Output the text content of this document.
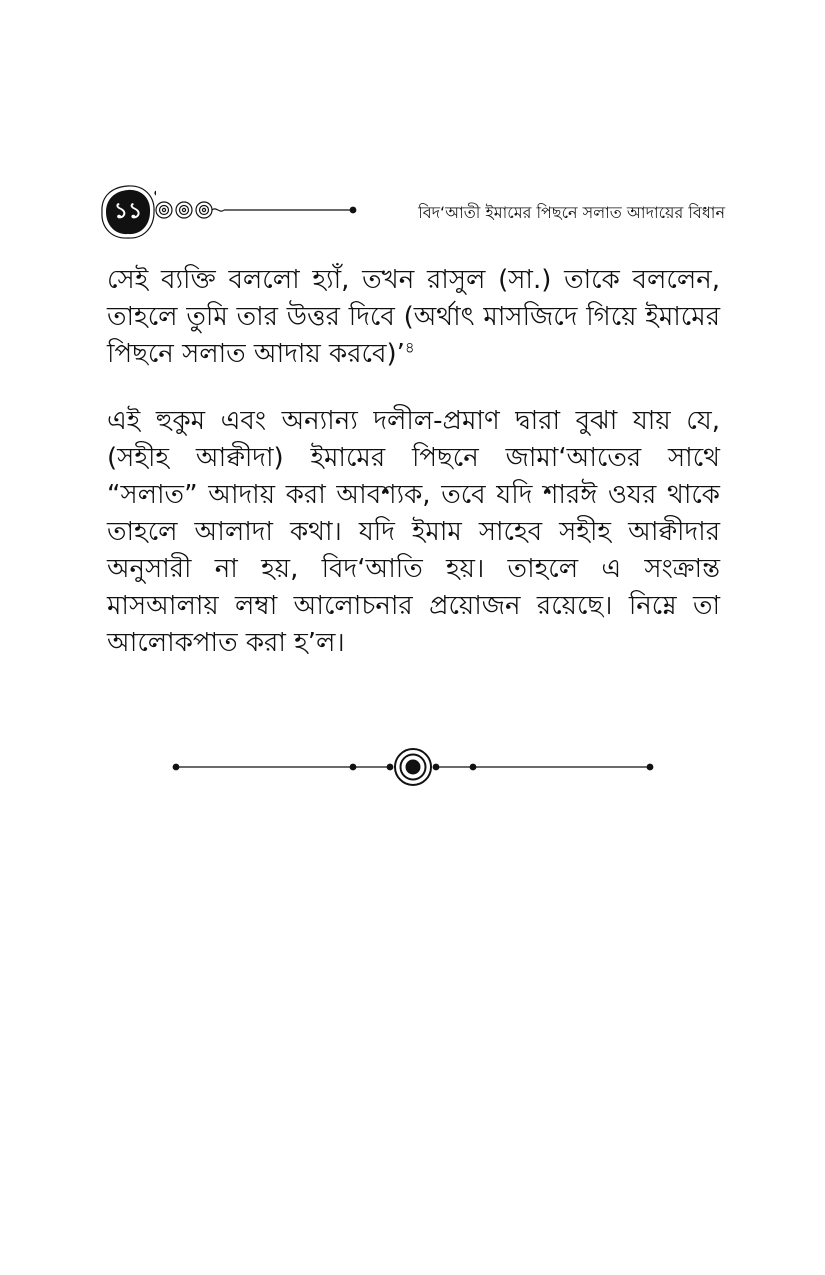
১১	বিদ‘আতী ইমামের পিছনে সলাত আদায়ের বিধান

সেই ব্যক্তি বললো হ্যাঁ, তখন রাসুল (সা.) তাকে বললেন, তাহলে তুমি তার উত্তর দিবে (অর্থাৎ মাসজিদে গিয়ে ইমামের পিছনে সলাত আদায় করবে)’$^৪$

এই হুকুম এবং অন্যান্য দলীল-প্রমাণ দ্বারা বুঝা যায় যে, (সহীহ আক্বীদা) ইমামের পিছনে জামা‘আতের সাথে “সলাত” আদায় করা আবশ্যক, তবে যদি শারঈ ওযর থাকে তাহলে আলাদা কথা। যদি ইমাম সাহেব সহীহ আক্বীদার অনুসারী না হয়, বিদ‘আতি হয়। তাহলে এ সংক্রান্ত মাসআলায় লম্বা আলোচনার প্রয়োজন রয়েছে। নিম্নে তা আলোকপাত করা হ’ল।
